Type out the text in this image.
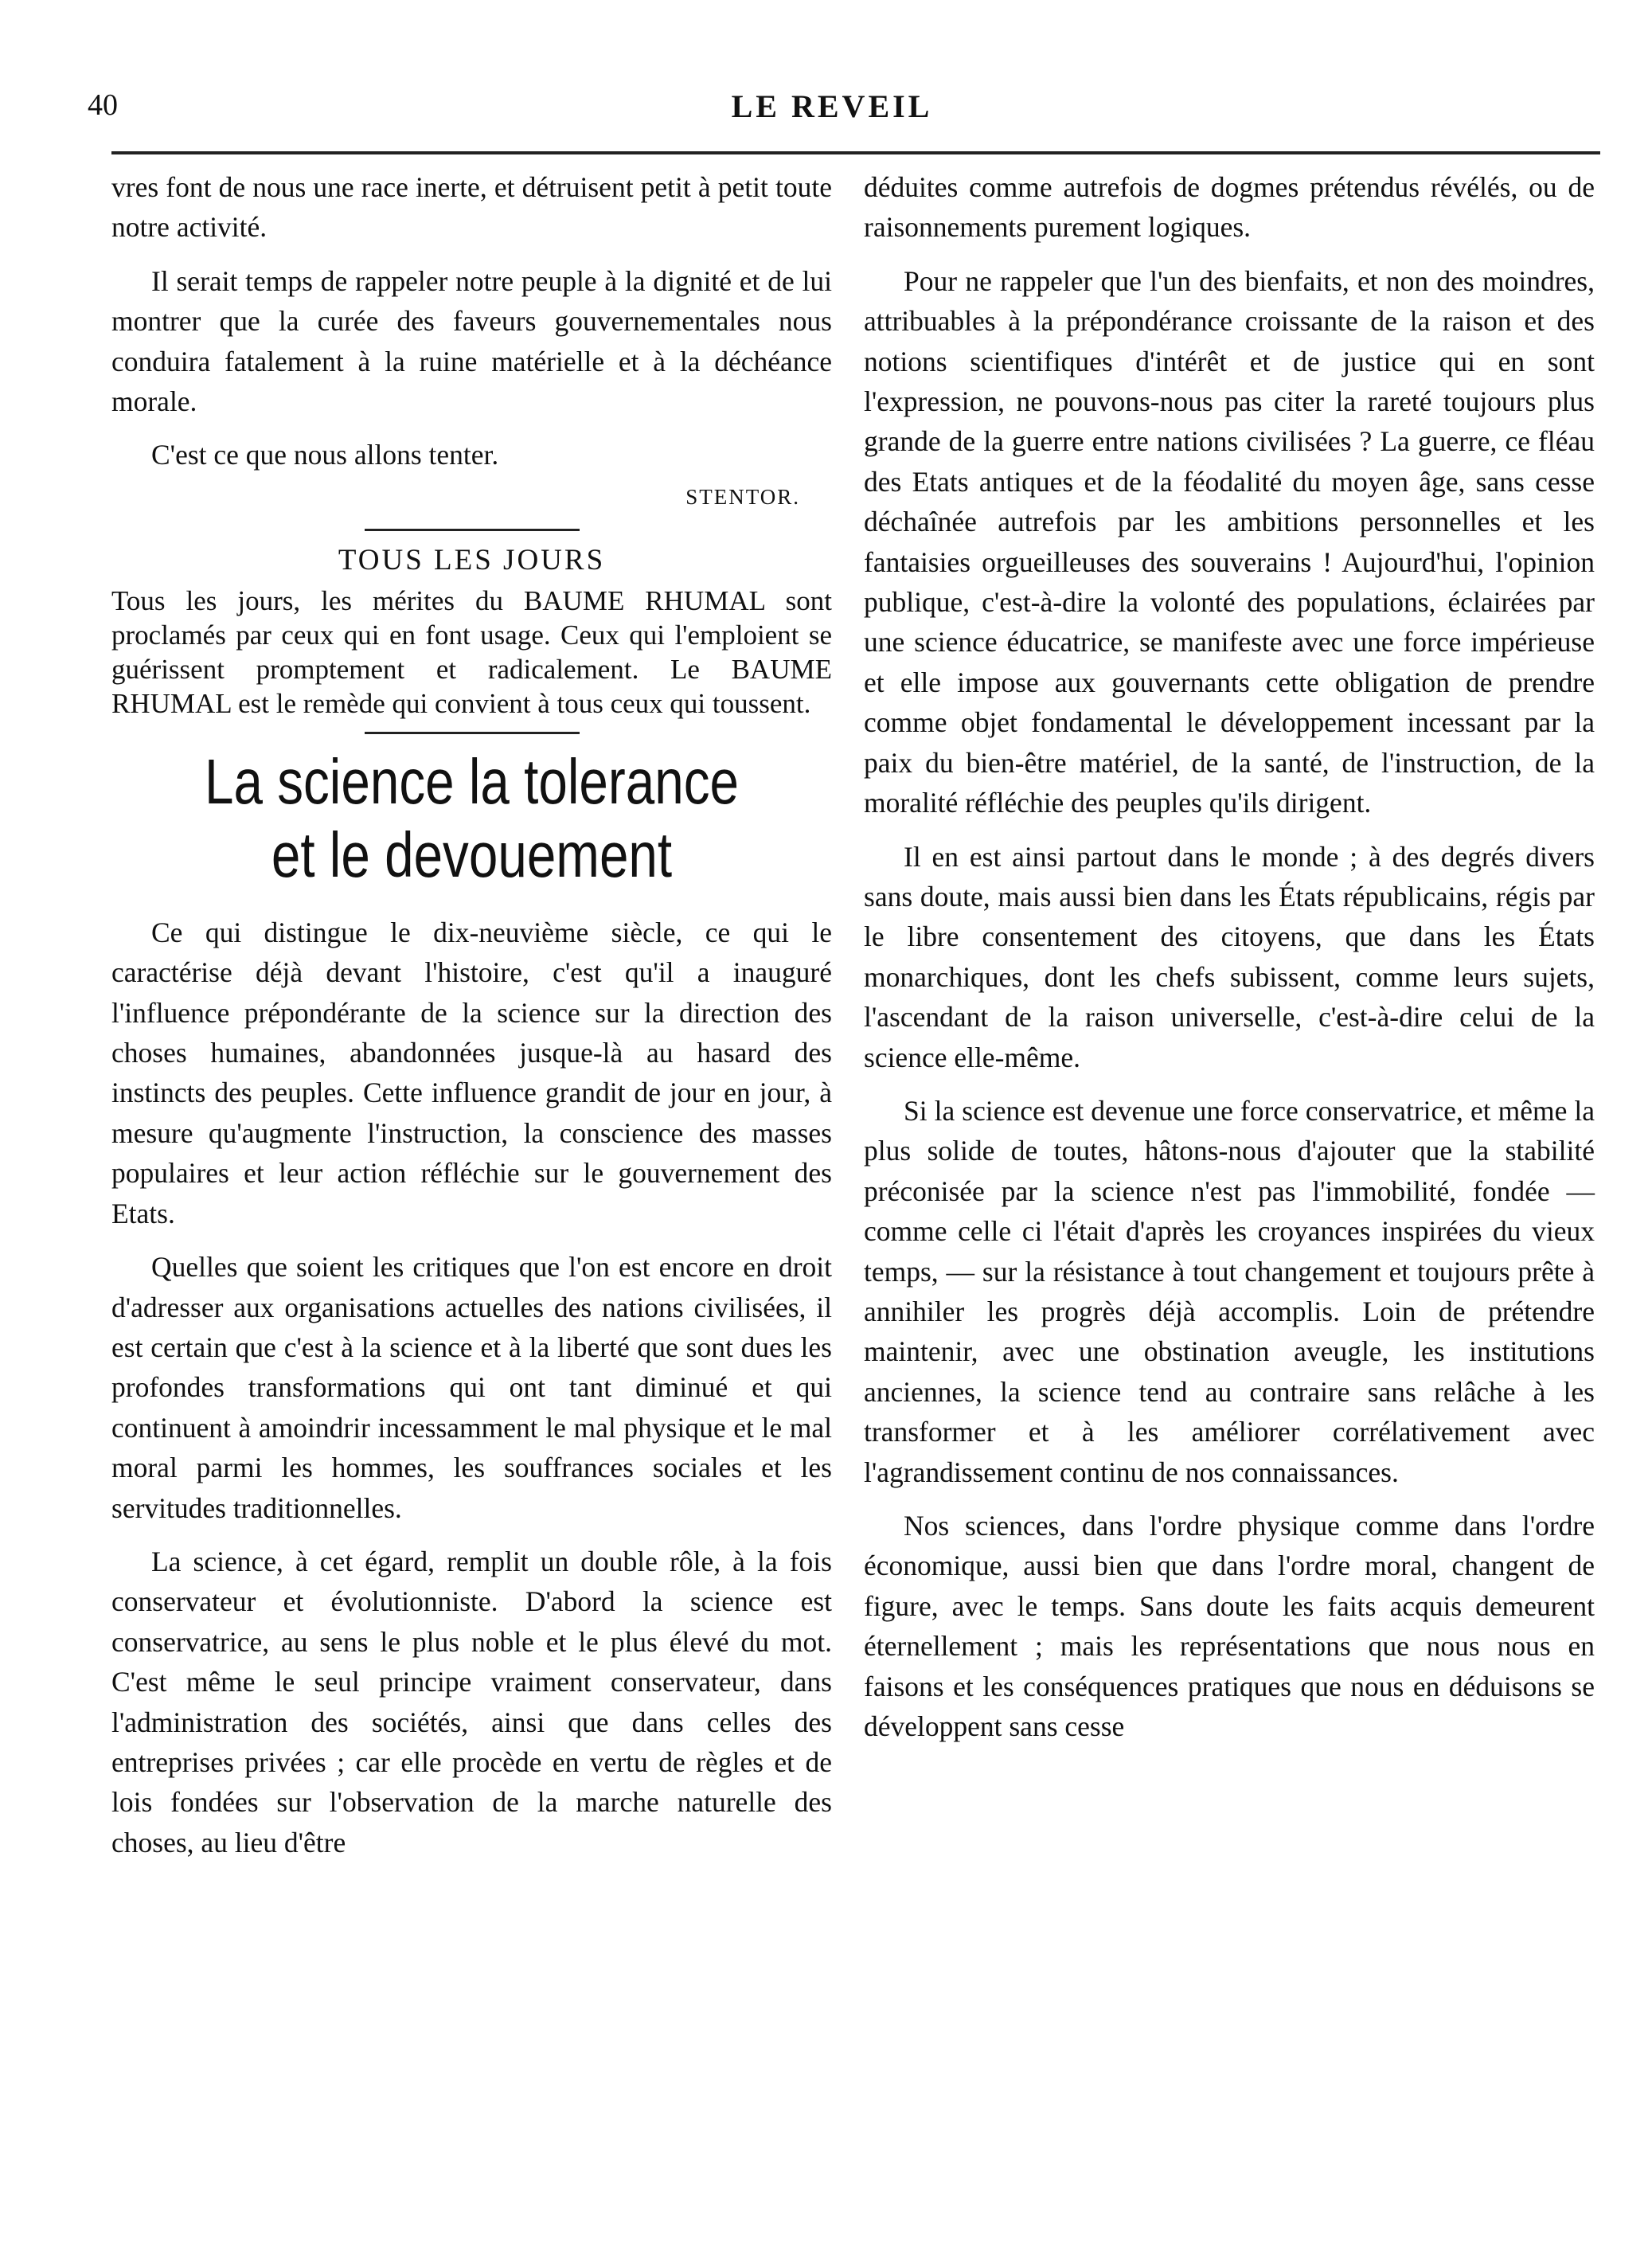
40	LE REVEIL

vres font de nous une race inerte, et détruisent petit à petit toute notre activité.

Il serait temps de rappeler notre peuple à la dignité et de lui montrer que la curée des faveurs gouvernementales nous conduira fatalement à la ruine matérielle et à la déchéance morale.

C'est ce que nous allons tenter.

STENTOR.
TOUS LES JOURS
Tous les jours, les mérites du BAUME RHUMAL sont proclamés par ceux qui en font usage. Ceux qui l'emploient se guérissent promptement et radicalement. Le BAUME RHUMAL est le remède qui convient à tous ceux qui toussent.
La science la tolerance et le devouement

Ce qui distingue le dix-neuvième siècle, ce qui le caractérise déjà devant l'histoire, c'est qu'il a inauguré l'influence prépondérante de la science sur la direction des choses humaines, abandonnées jusque-là au hasard des instincts des peuples. Cette influence grandit de jour en jour, à mesure qu'augmente l'instruction, la conscience des masses populaires et leur action réfléchie sur le gouvernement des Etats.

Quelles que soient les critiques que l'on est encore en droit d'adresser aux organisations actuelles des nations civilisées, il est certain que c'est à la science et à la liberté que sont dues les profondes transformations qui ont tant diminué et qui continuent à amoindrir incessamment le mal physique et le mal moral parmi les hommes, les souffrances sociales et les servitudes traditionnelles.

La science, à cet égard, remplit un double rôle, à la fois conservateur et évolutionniste. D'abord la science est conservatrice, au sens le plus noble et le plus élevé du mot. C'est même le seul principe vraiment conservateur, dans l'administration des sociétés, ainsi que dans celles des entreprises privées ; car elle procède en vertu de règles et de lois fondées sur l'observation de la marche naturelle des choses, au lieu d'être

déduites comme autrefois de dogmes prétendus révélés, ou de raisonnements purement logiques.

Pour ne rappeler que l'un des bienfaits, et non des moindres, attribuables à la prépondérance croissante de la raison et des notions scientifiques d'intérêt et de justice qui en sont l'expression, ne pouvons-nous pas citer la rareté toujours plus grande de la guerre entre nations civilisées ? La guerre, ce fléau des Etats antiques et de la féodalité du moyen âge, sans cesse déchaînée autrefois par les ambitions personnelles et les fantaisies orgueilleuses des souverains ! Aujourd'hui, l'opinion publique, c'est-à-dire la volonté des populations, éclairées par une science éducatrice, se manifeste avec une force impérieuse et elle impose aux gouvernants cette obligation de prendre comme objet fondamental le développement incessant par la paix du bien-être matériel, de la santé, de l'instruction, de la moralité réfléchie des peuples qu'ils dirigent.

Il en est ainsi partout dans le monde ; à des degrés divers sans doute, mais aussi bien dans les États républicains, régis par le libre consentement des citoyens, que dans les États monarchiques, dont les chefs subissent, comme leurs sujets, l'ascendant de la raison universelle, c'est-à-dire celui de la science elle-même.

Si la science est devenue une force conservatrice, et même la plus solide de toutes, hâtons-nous d'ajouter que la stabilité préconisée par la science n'est pas l'immobilité, fondée — comme celle ci l'était d'après les croyances inspirées du vieux temps, — sur la résistance à tout changement et toujours prête à annihiler les progrès déjà accomplis. Loin de prétendre maintenir, avec une obstination aveugle, les institutions anciennes, la science tend au contraire sans relâche à les transformer et à les améliorer corrélativement avec l'agrandissement continu de nos connaissances.

Nos sciences, dans l'ordre physique comme dans l'ordre économique, aussi bien que dans l'ordre moral, changent de figure, avec le temps. Sans doute les faits acquis demeurent éternellement ; mais les représentations que nous nous en faisons et les conséquences pratiques que nous en déduisons se développent sans cesse
